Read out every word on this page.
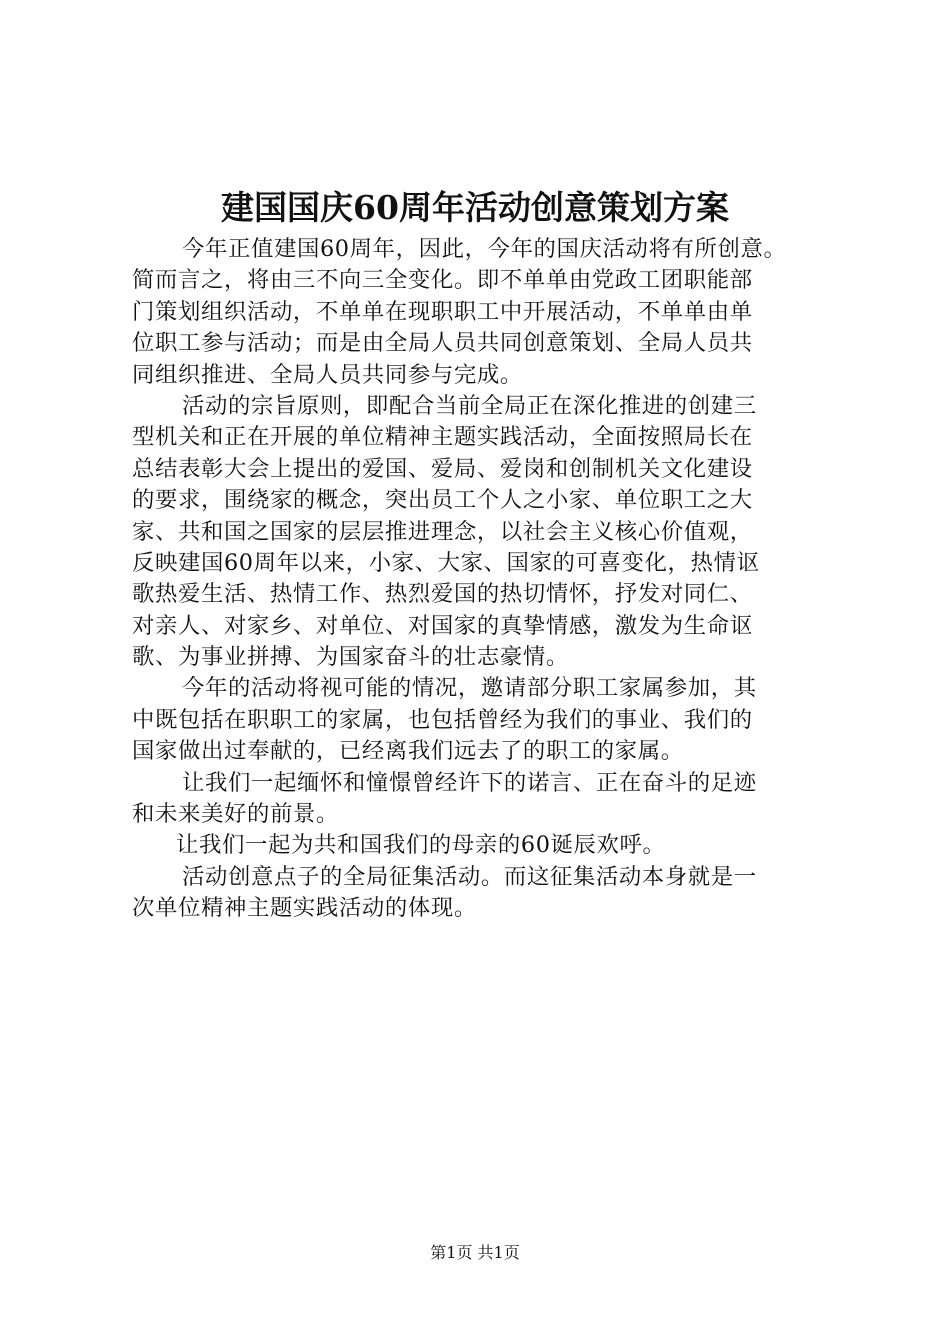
建国国庆60周年活动创意策划方案
今年正值建国60周年，因此，今年的国庆活动将有所创意。
简而言之，将由三不向三全变化。即不单单由党政工团职能部
门策划组织活动，不单单在现职职工中开展活动，不单单由单
位职工参与活动；而是由全局人员共同创意策划、全局人员共
同组织推进、全局人员共同参与完成。
活动的宗旨原则，即配合当前全局正在深化推进的创建三
型机关和正在开展的单位精神主题实践活动，全面按照局长在
总结表彰大会上提出的爱国、爱局、爱岗和创制机关文化建设
的要求，围绕家的概念，突出员工个人之小家、单位职工之大
家、共和国之国家的层层推进理念，以社会主义核心价值观，
反映建国60周年以来，小家、大家、国家的可喜变化，热情讴
歌热爱生活、热情工作、热烈爱国的热切情怀，抒发对同仁、
对亲人、对家乡、对单位、对国家的真挚情感，激发为生命讴
歌、为事业拼搏、为国家奋斗的壮志豪情。
今年的活动将视可能的情况，邀请部分职工家属参加，其
中既包括在职职工的家属，也包括曾经为我们的事业、我们的
国家做出过奉献的，已经离我们远去了的职工的家属。
让我们一起缅怀和憧憬曾经许下的诺言、正在奋斗的足迹
和未来美好的前景。
让我们一起为共和国我们的母亲的60诞辰欢呼。
活动创意点子的全局征集活动。而这征集活动本身就是一
次单位精神主题实践活动的体现。
第1页 共1页
